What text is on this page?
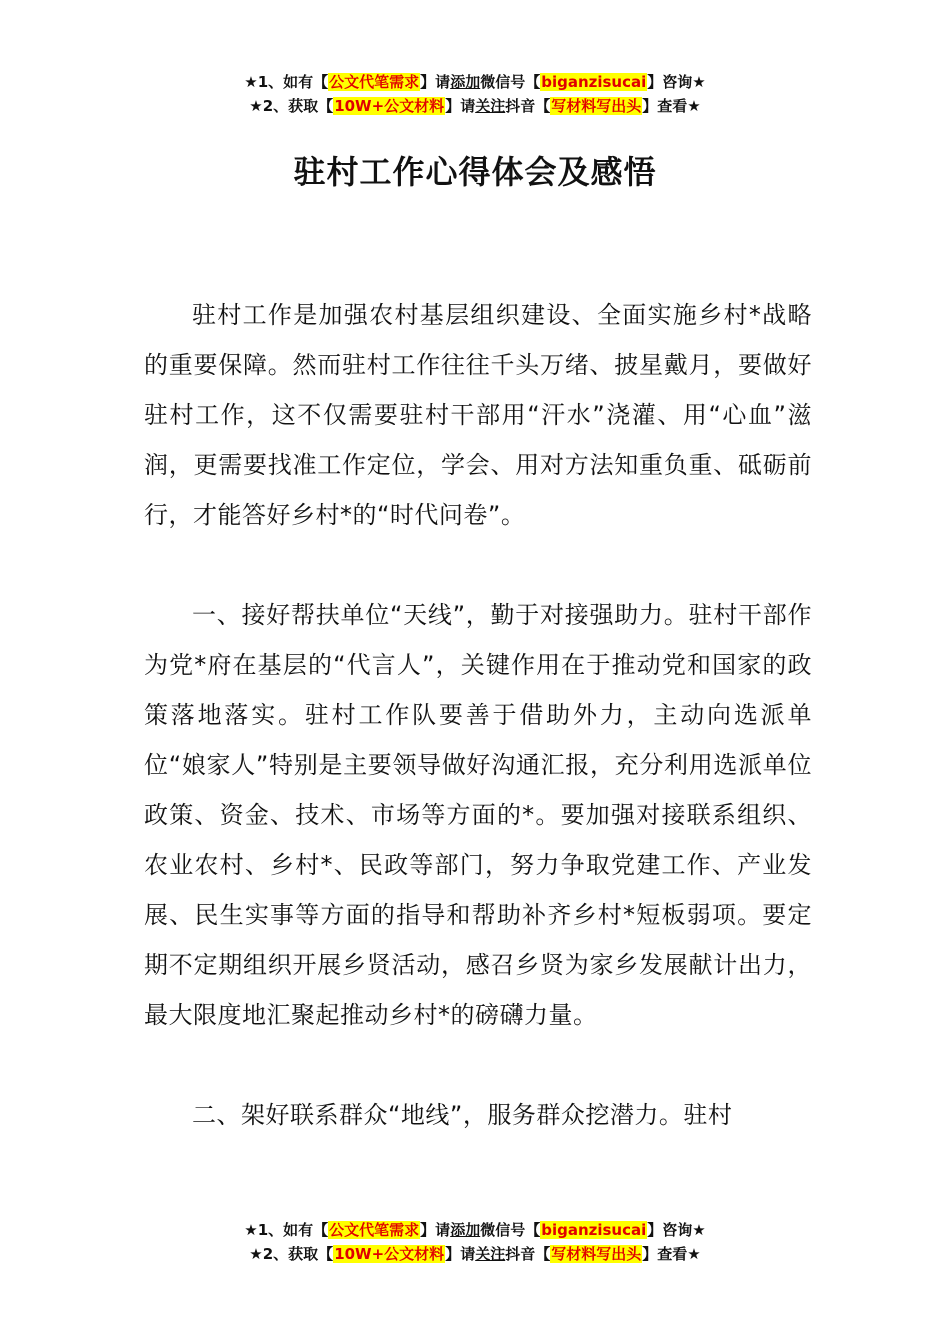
★1、如有【公文代笔需求】请添加微信号【biganzisucai】咨询★
★2、获取【10W+公文材料】请关注抖音【写材料写出头】查看★
驻村工作心得体会及感悟

驻村工作是加强农村基层组织建设、全面实施乡村*战略的重要保障。然而驻村工作往往千头万绪、披星戴月，要做好驻村工作，这不仅需要驻村干部用“汗水”浇灌、用“心血”滋润，更需要找准工作定位，学会、用对方法知重负重、砥砺前行，才能答好乡村*的“时代问卷”。

一、接好帮扶单位“天线”，勤于对接强助力。驻村干部作为党*府在基层的“代言人”，关键作用在于推动党和国家的政策落地落实。驻村工作队要善于借助外力，主动向选派单位“娘家人”特别是主要领导做好沟通汇报，充分利用选派单位政策、资金、技术、市场等方面的*。要加强对接联系组织、农业农村、乡村*、民政等部门，努力争取党建工作、产业发展、民生实事等方面的指导和帮助补齐乡村*短板弱项。要定期不定期组织开展乡贤活动，感召乡贤为家乡发展献计出力，最大限度地汇聚起推动乡村*的磅礴力量。

二、架好联系群众“地线”，服务群众挖潜力。驻村

★1、如有【公文代笔需求】请添加微信号【biganzisucai】咨询★
★2、获取【10W+公文材料】请关注抖音【写材料写出头】查看★
